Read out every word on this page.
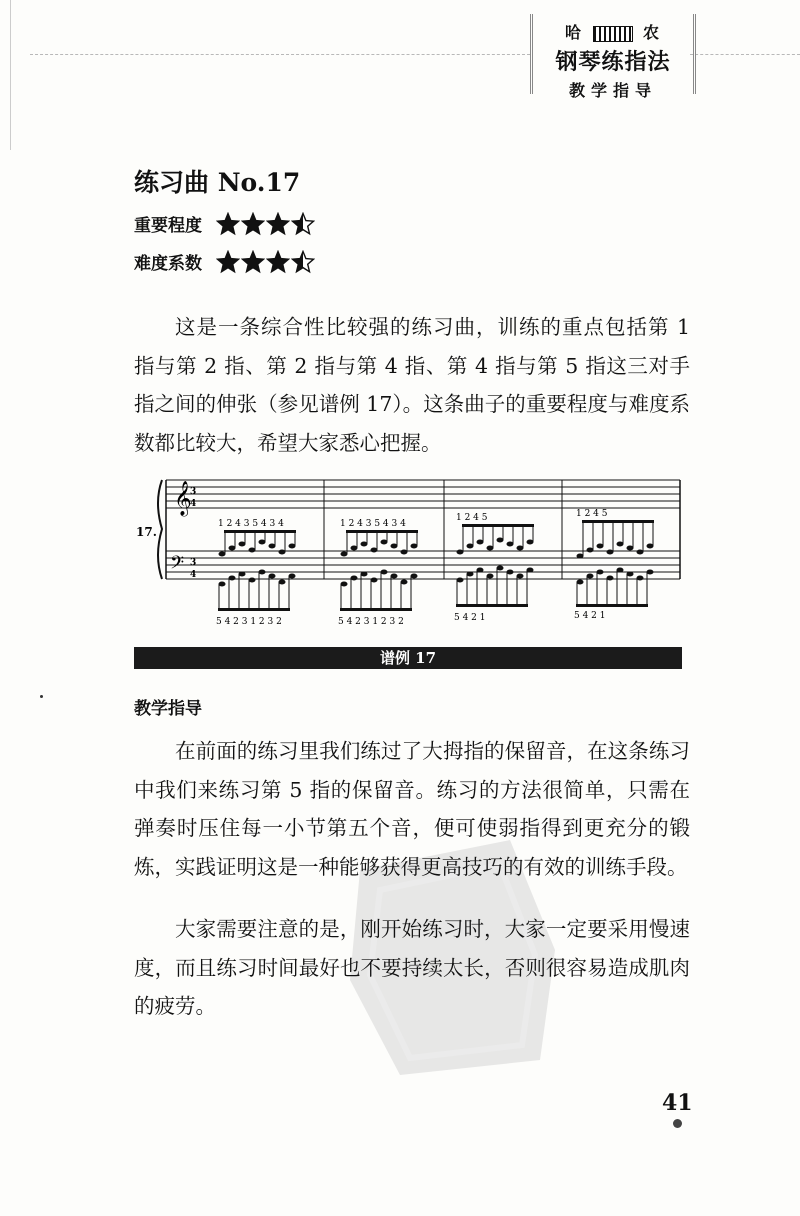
哈	农
钢琴练指法
教学指导
练习曲 No.17
重要程度
难度系数

这是一条综合性比较强的练习曲，训练的重点包括第 1 指与第 2 指、第 2 指与第 4 指、第 4 指与第 5 指这三对手指之间的伸张（参见谱例 17）。这条曲子的重要程度与难度系数都比较大，希望大家悉心把握。

𝄞
𝄢
3
4
3
4
17.
1 2 4 3 5 4 3 4
5 4 2 3 1 2 3 2
1 2 4 3 5 4 3 4
5 4 2 3 1 2 3 2
1 2 4 5
5 4 2 1
1 2 4 5
5 4 2 1
谱例 17
教学指导

在前面的练习里我们练过了大拇指的保留音，在这条练习中我们来练习第 5 指的保留音。练习的方法很简单，只需在弹奏时压住每一小节第五个音，便可使弱指得到更充分的锻炼，实践证明这是一种能够获得更高技巧的有效的训练手段。

大家需要注意的是，刚开始练习时，大家一定要采用慢速度，而且练习时间最好也不要持续太长，否则很容易造成肌肉的疲劳。

41
